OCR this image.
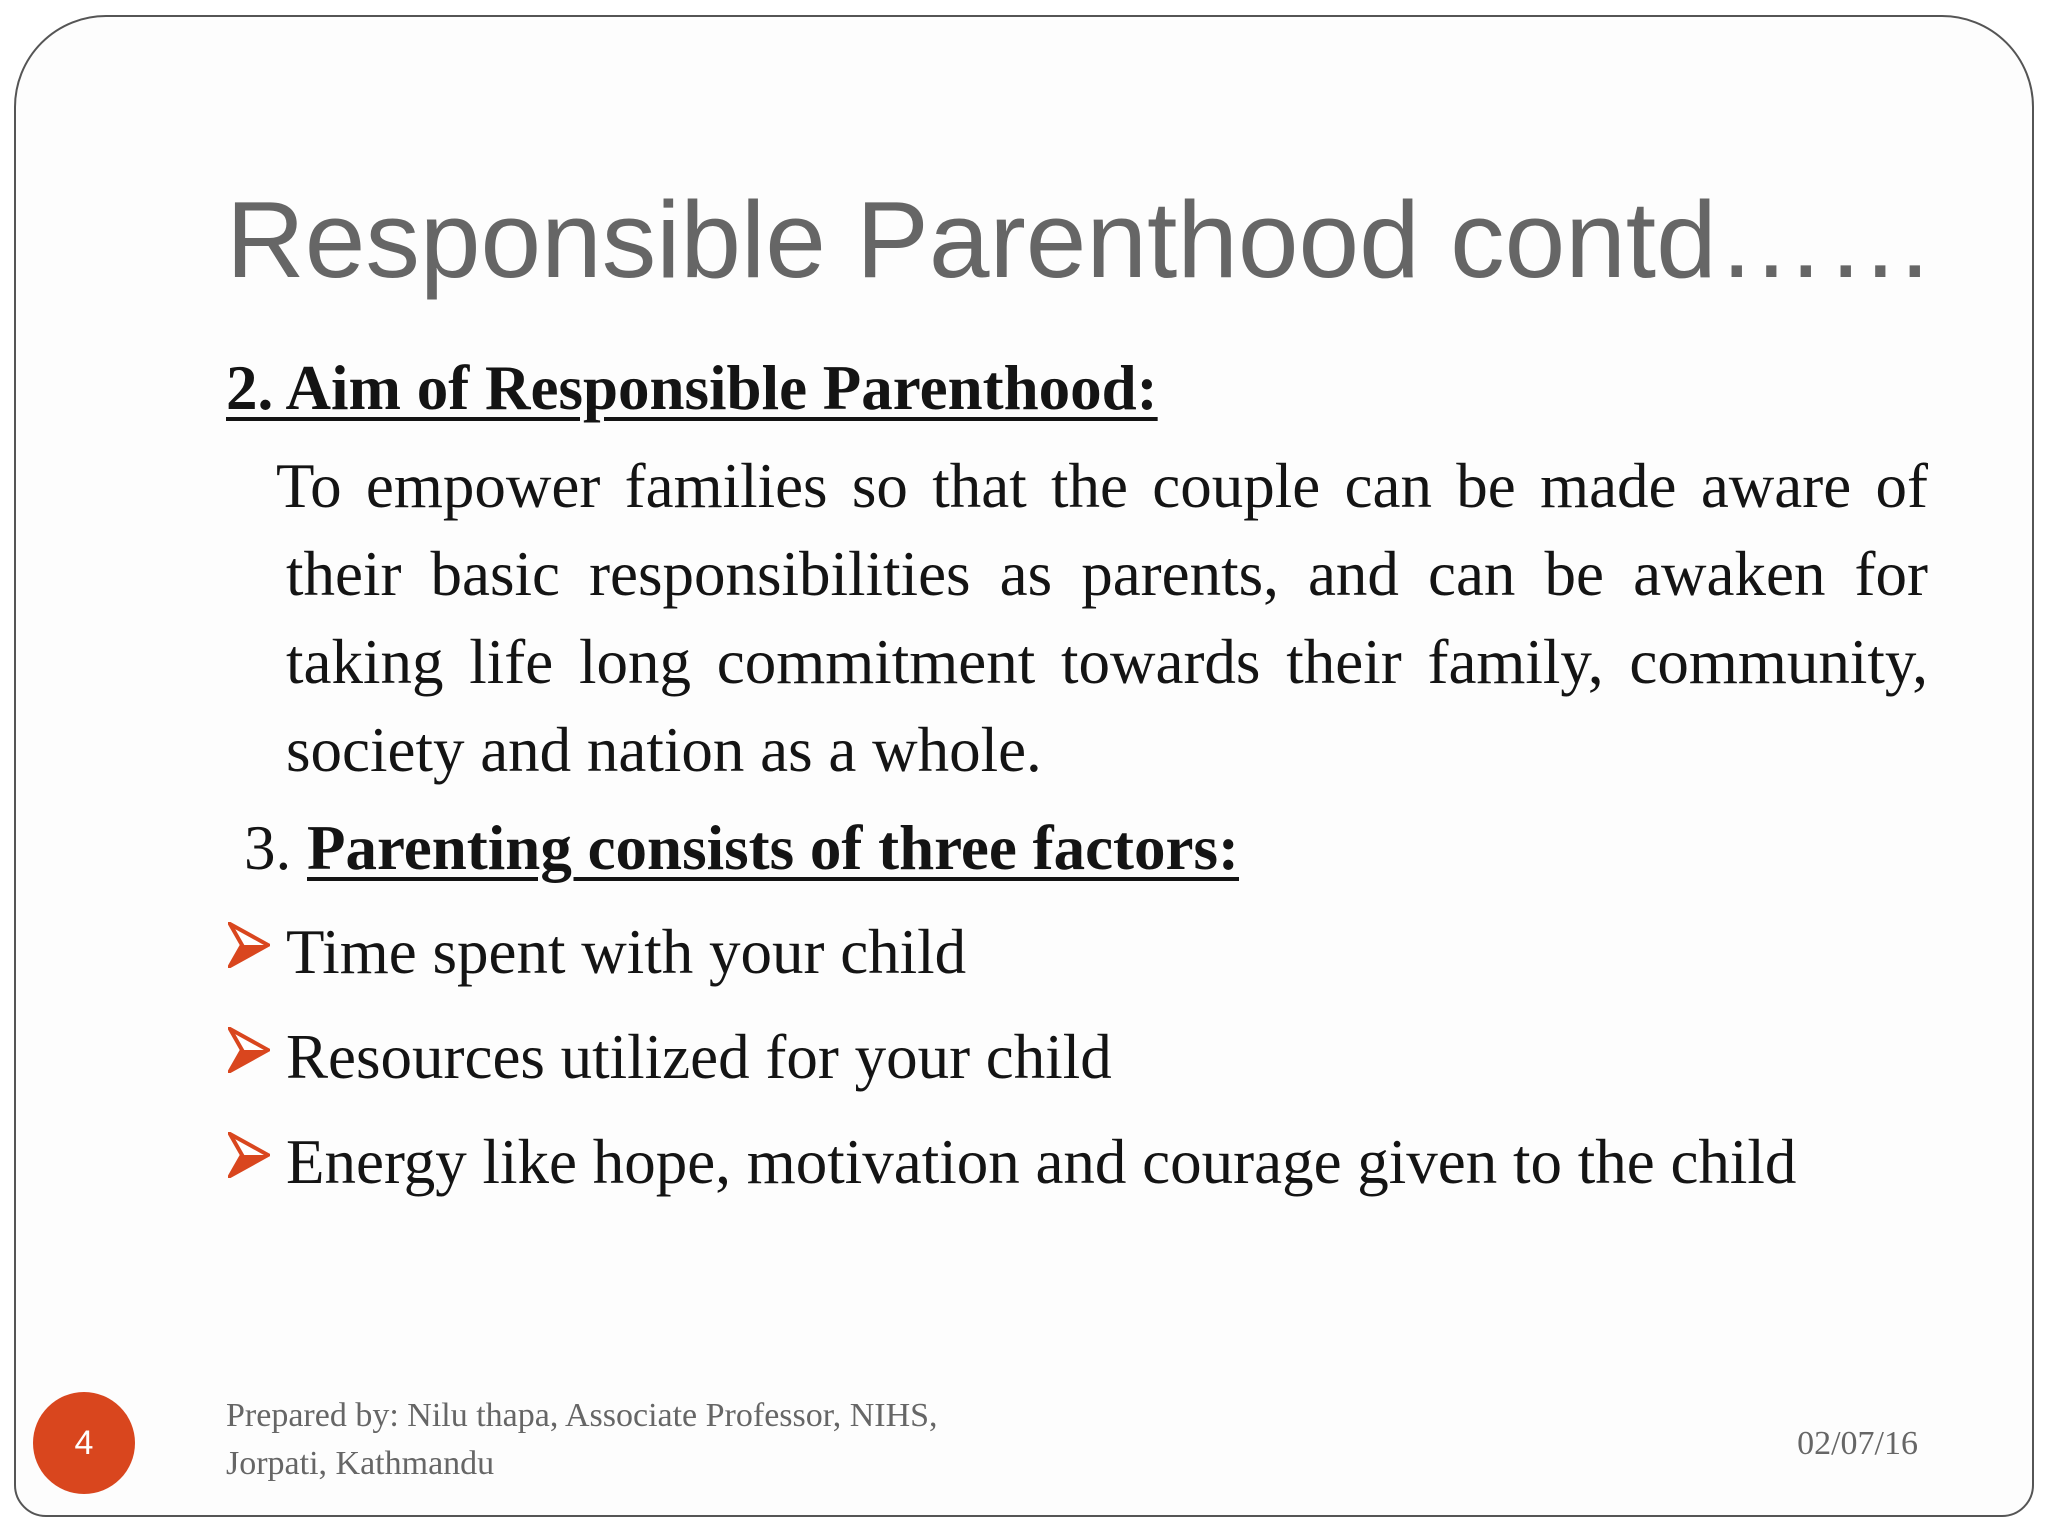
Responsible Parenthood contd……

2. Aim of Responsible Parenthood:

To empower families so that the couple can be made aware of their basic responsibilities as parents, and can be awaken for taking life long commitment towards their family, community, society and nation as a whole.

3. Parenting consists of three factors:

Time spent with your child
Resources utilized for your child
Energy like hope, motivation and courage given to the child
4
Prepared by: Nilu thapa, Associate Professor, NIHS,
Jorpati, Kathmandu
02/07/16
